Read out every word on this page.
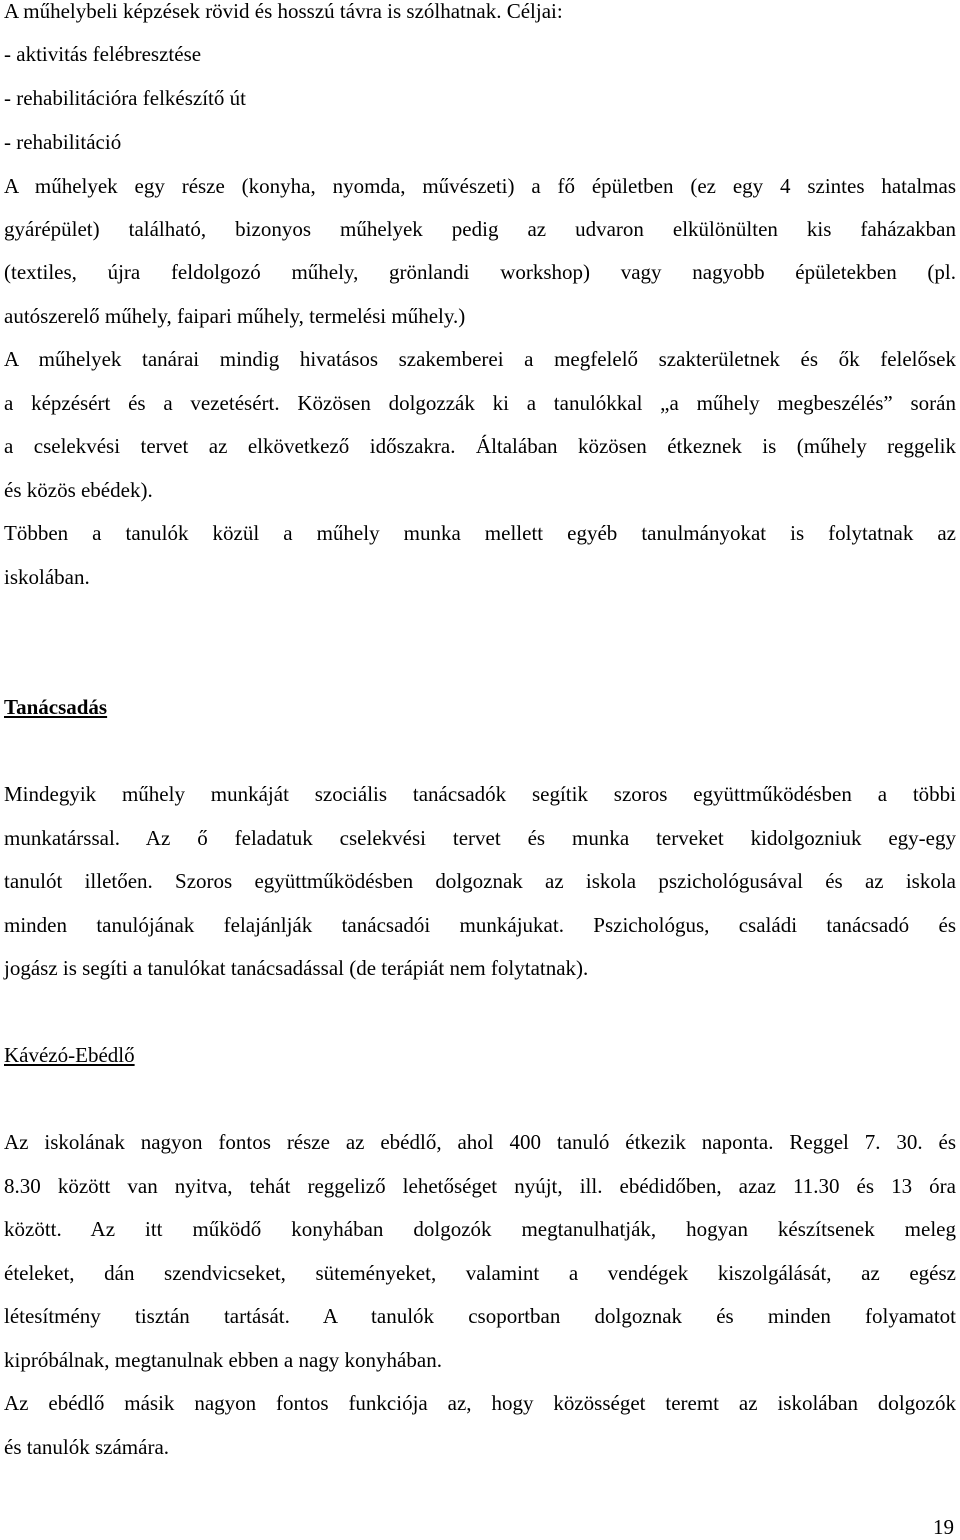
A műhelybeli képzések rövid és hosszú távra is szólhatnak. Céljai:
- aktivitás felébresztése
- rehabilitációra felkészítő út
- rehabilitáció
A műhelyek egy része (konyha, nyomda, művészeti) a fő épületben (ez egy 4 szintes hatalmas
gyárépület) található, bizonyos műhelyek pedig az udvaron elkülönülten kis faházakban
(textiles, újra feldolgozó műhely, grönlandi workshop) vagy nagyobb épületekben (pl.
autószerelő műhely, faipari műhely, termelési műhely.)
A műhelyek tanárai mindig hivatásos szakemberei a megfelelő szakterületnek és ők felelősek
a képzésért és a vezetésért. Közösen dolgozzák ki a tanulókkal „a műhely megbeszélés” során
a cselekvési tervet az elkövetkező időszakra. Általában közösen étkeznek is (műhely reggelik
és közös ebédek).
Többen a tanulók közül a műhely munka mellett egyéb tanulmányokat is folytatnak az
iskolában.
Tanácsadás
Mindegyik műhely munkáját szociális tanácsadók segítik szoros együttműködésben a többi
munkatárssal. Az ő feladatuk cselekvési tervet és munka terveket kidolgozniuk egy-egy
tanulót illetően. Szoros együttműködésben dolgoznak az iskola pszichológusával és az iskola
minden tanulójának felajánlják tanácsadói munkájukat. Pszichológus, családi tanácsadó és
jogász is segíti a tanulókat tanácsadással (de terápiát nem folytatnak).
Kávézó-Ebédlő
Az iskolának nagyon fontos része az ebédlő, ahol 400 tanuló étkezik naponta. Reggel 7. 30. és
8.30 között van nyitva, tehát reggeliző lehetőséget nyújt, ill. ebédidőben, azaz 11.30 és 13 óra
között. Az itt működő konyhában dolgozók megtanulhatják, hogyan készítsenek meleg
ételeket, dán szendvicseket, süteményeket, valamint a vendégek kiszolgálását, az egész
létesítmény tisztán tartását. A tanulók csoportban dolgoznak és minden folyamatot
kipróbálnak, megtanulnak ebben a nagy konyhában.
Az ebédlő másik nagyon fontos funkciója az, hogy közösséget teremt az iskolában dolgozók
és tanulók számára.
19
